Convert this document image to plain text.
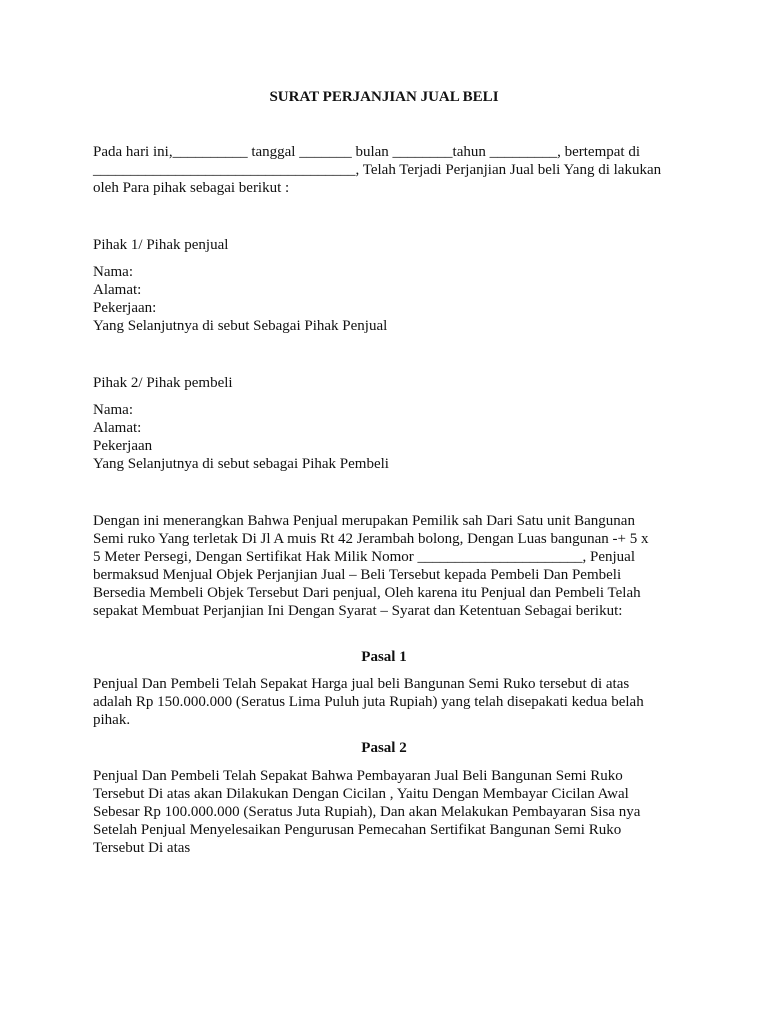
SURAT PERJANJIAN JUAL BELI
Pada hari ini,__________ tanggal _______ bulan ________tahun _________, bertempat di
___________________________________, Telah Terjadi Perjanjian Jual beli Yang di lakukan
oleh Para pihak sebagai berikut :
Pihak 1/ Pihak penjual
Nama:
Alamat:
Pekerjaan:
Yang Selanjutnya di sebut Sebagai Pihak Penjual
Pihak 2/ Pihak pembeli
Nama:
Alamat:
Pekerjaan
Yang Selanjutnya di sebut sebagai Pihak Pembeli
Dengan ini menerangkan Bahwa Penjual merupakan Pemilik sah Dari Satu unit Bangunan
Semi ruko Yang terletak Di Jl A muis Rt 42 Jerambah bolong, Dengan Luas bangunan -+ 5 x
5 Meter Persegi, Dengan Sertifikat Hak Milik Nomor ______________________, Penjual
bermaksud Menjual Objek Perjanjian Jual – Beli Tersebut kepada Pembeli Dan Pembeli
Bersedia Membeli Objek Tersebut Dari penjual, Oleh karena itu Penjual dan Pembeli Telah
sepakat Membuat Perjanjian Ini Dengan Syarat – Syarat dan Ketentuan Sebagai berikut:
Pasal 1
Penjual Dan Pembeli Telah Sepakat Harga jual beli Bangunan Semi Ruko tersebut di atas
adalah Rp 150.000.000 (Seratus Lima Puluh juta Rupiah) yang telah disepakati kedua belah
pihak.
Pasal 2
Penjual Dan Pembeli Telah Sepakat Bahwa Pembayaran Jual Beli Bangunan Semi Ruko
Tersebut Di atas akan Dilakukan Dengan Cicilan , Yaitu Dengan Membayar Cicilan Awal
Sebesar Rp 100.000.000 (Seratus Juta Rupiah), Dan akan Melakukan Pembayaran Sisa nya
Setelah Penjual Menyelesaikan Pengurusan Pemecahan Sertifikat Bangunan Semi Ruko
Tersebut Di atas
